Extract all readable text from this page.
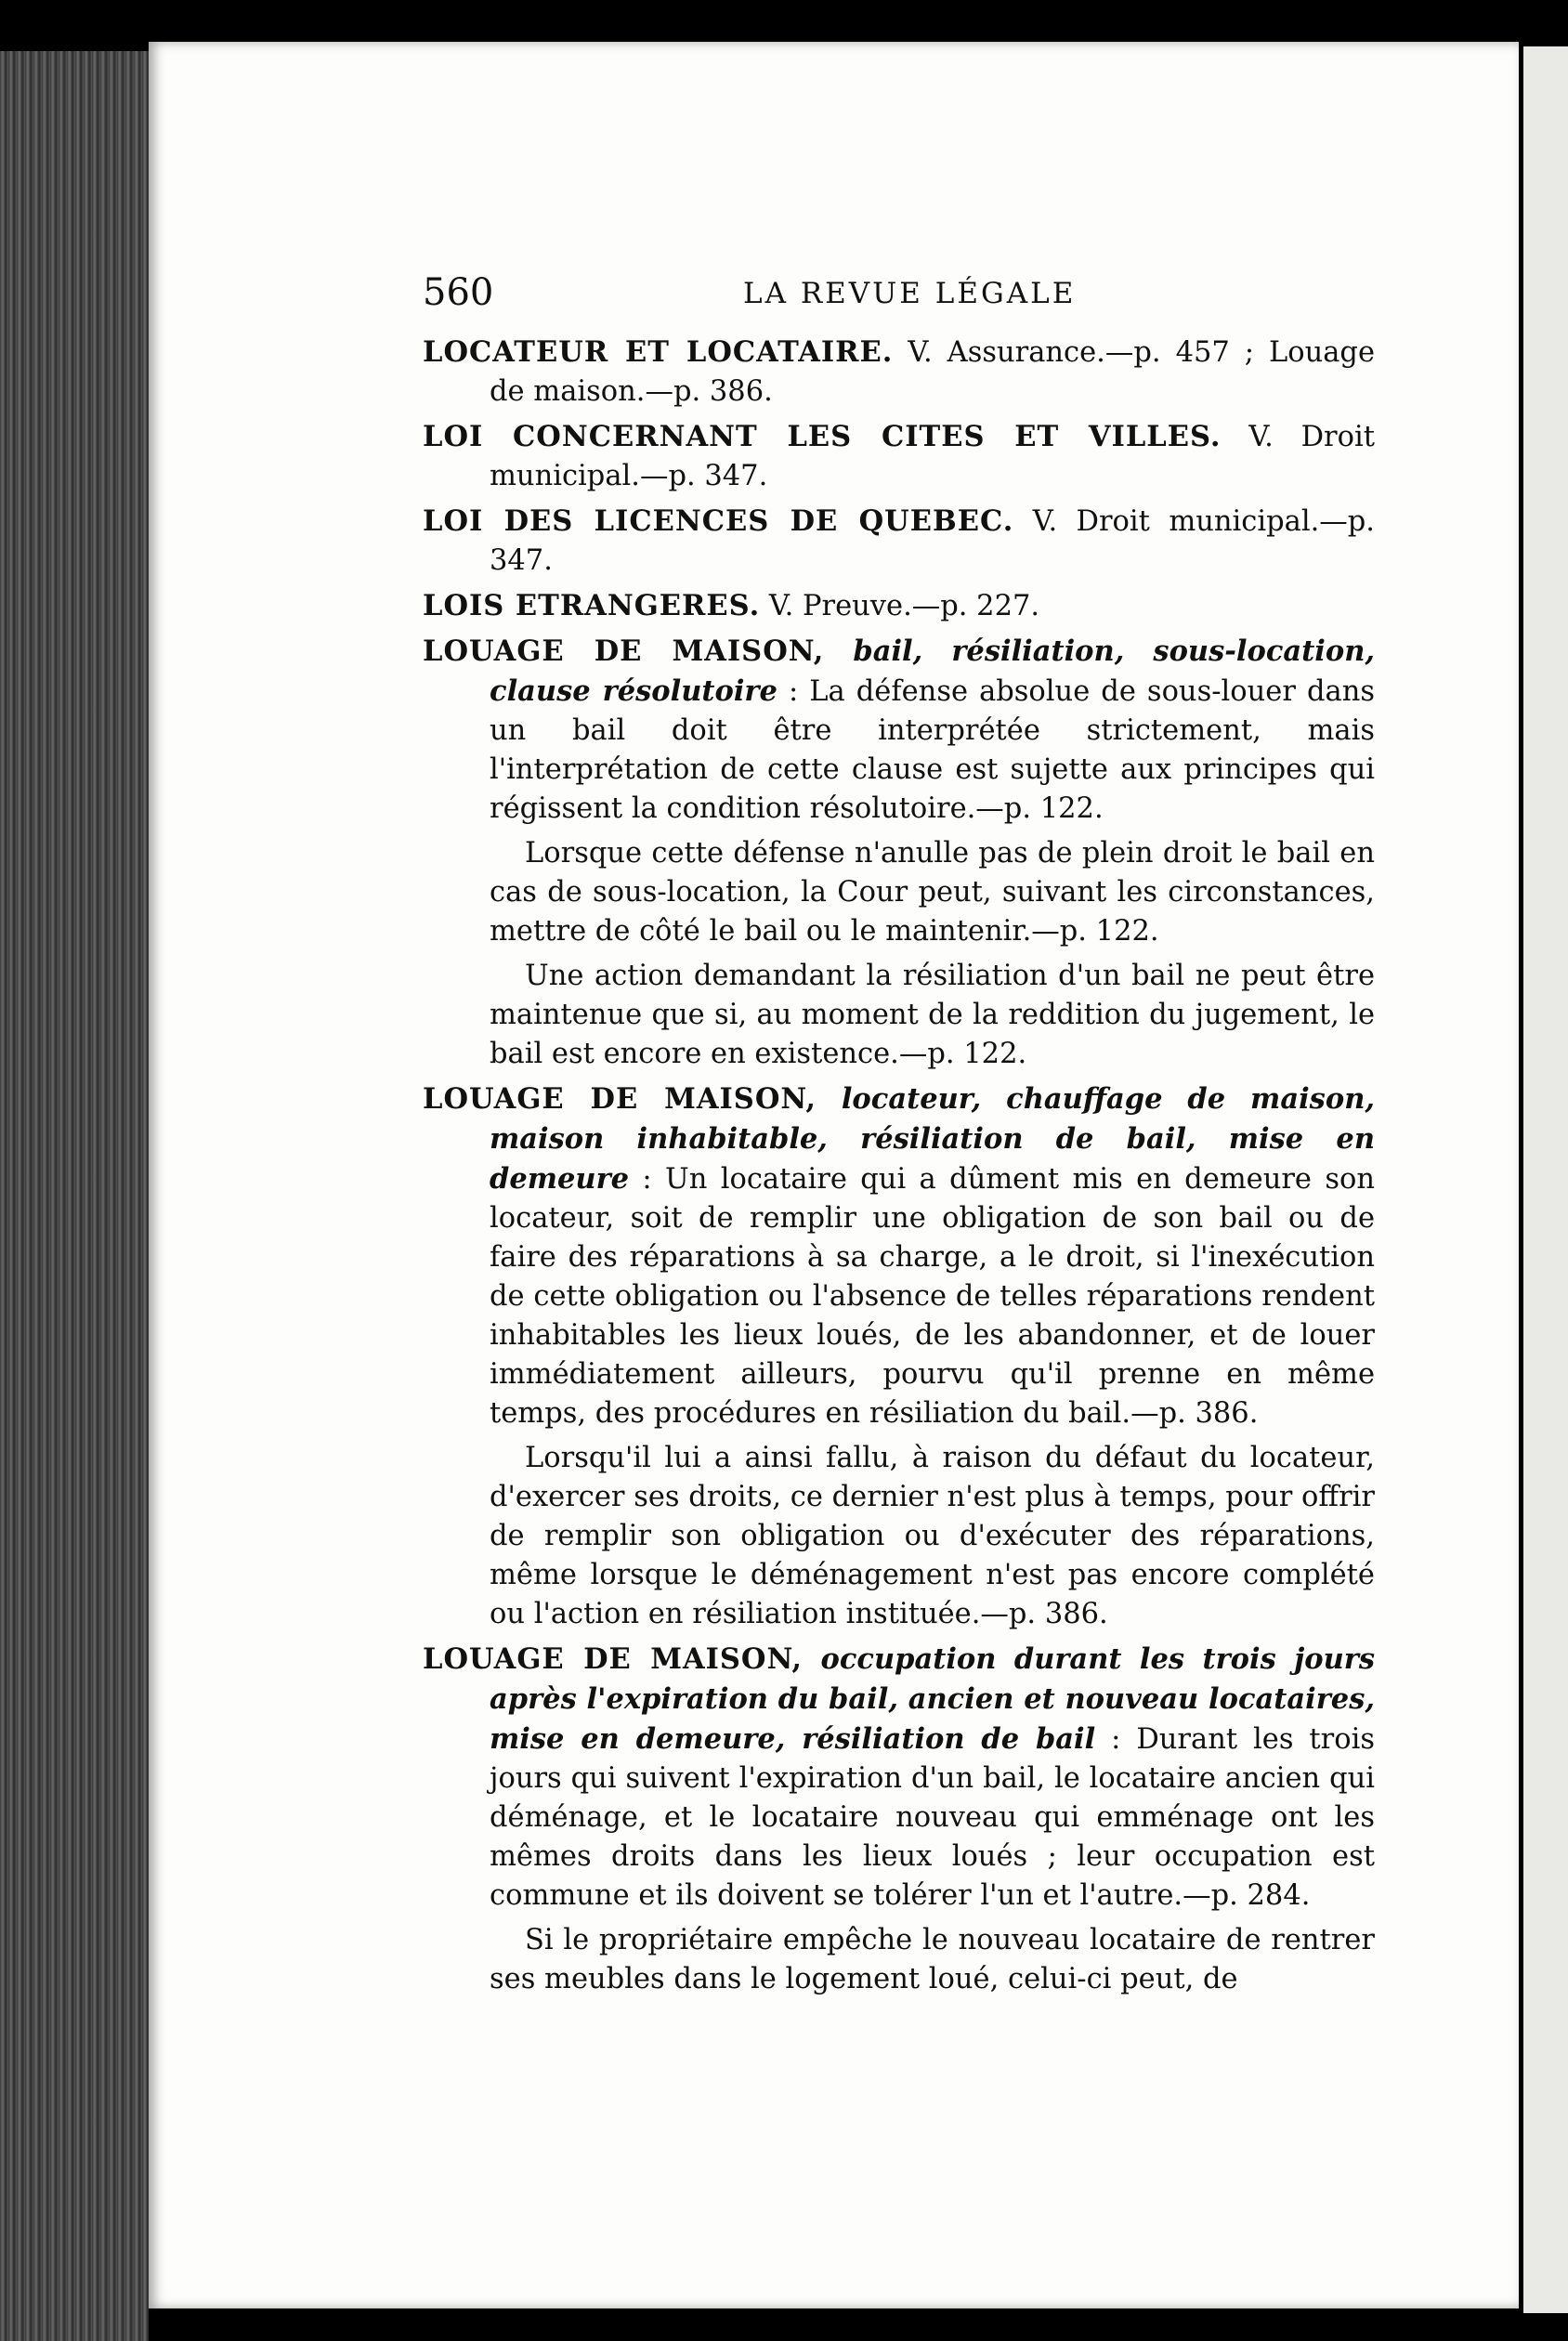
560	LA REVUE LÉGALE

LOCATEUR ET LOCATAIRE. V. Assurance.—p. 457 ; Louage de maison.—p. 386.

LOI CONCERNANT LES CITES ET VILLES. V. Droit municipal.—p. 347.

LOI DES LICENCES DE QUEBEC. V. Droit municipal.—p. 347.

LOIS ETRANGERES. V. Preuve.—p. 227.

LOUAGE DE MAISON, bail, résiliation, sous-location, clause résolutoire : La défense absolue de sous-louer dans un bail doit être interprétée strictement, mais l'interprétation de cette clause est sujette aux principes qui régissent la condition résolutoire.—p. 122.

Lorsque cette défense n'anulle pas de plein droit le bail en cas de sous-location, la Cour peut, suivant les circonstances, mettre de côté le bail ou le maintenir.—p. 122.

Une action demandant la résiliation d'un bail ne peut être maintenue que si, au moment de la reddition du jugement, le bail est encore en existence.—p. 122.

LOUAGE DE MAISON, locateur, chauffage de maison, maison inhabitable, résiliation de bail, mise en demeure : Un locataire qui a dûment mis en demeure son locateur, soit de remplir une obligation de son bail ou de faire des réparations à sa charge, a le droit, si l'inexécution de cette obligation ou l'absence de telles réparations rendent inhabitables les lieux loués, de les abandonner, et de louer immédiatement ailleurs, pourvu qu'il prenne en même temps, des procédures en résiliation du bail.—p. 386.

Lorsqu'il lui a ainsi fallu, à raison du défaut du locateur, d'exercer ses droits, ce dernier n'est plus à temps, pour offrir de remplir son obligation ou d'exécuter des réparations, même lorsque le déménagement n'est pas encore complété ou l'action en résiliation instituée.—p. 386.

LOUAGE DE MAISON, occupation durant les trois jours après l'expiration du bail, ancien et nouveau locataires, mise en demeure, résiliation de bail : Durant les trois jours qui suivent l'expiration d'un bail, le locataire ancien qui déménage, et le locataire nouveau qui emménage ont les mêmes droits dans les lieux loués ; leur occupation est commune et ils doivent se tolérer l'un et l'autre.—p. 284.

Si le propriétaire empêche le nouveau locataire de rentrer ses meubles dans le logement loué, celui-ci peut, de
